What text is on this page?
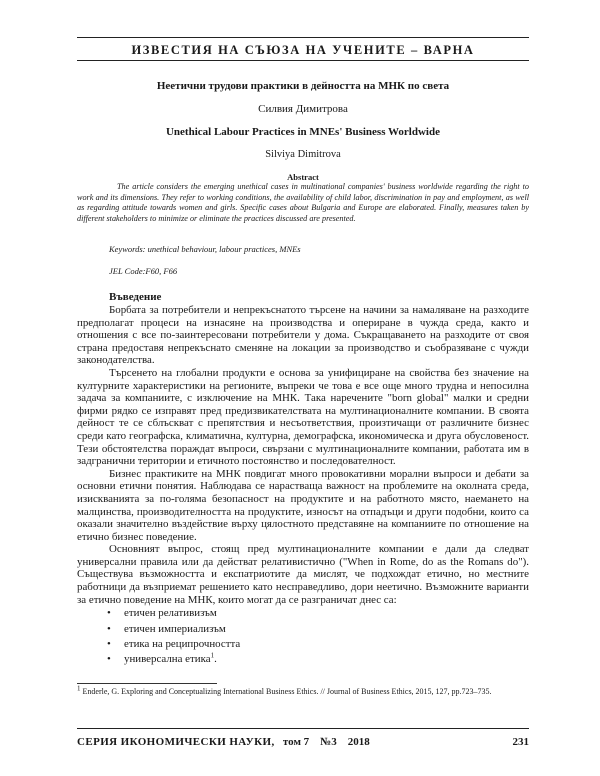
ИЗВЕСТИЯ НА СЪЮЗА НА УЧЕНИТЕ – ВАРНА
Неетични трудови практики в дейността на МНК по света
Силвия Димитрова
Unethical Labour Practices in MNEs' Business Worldwide
Silviya Dimitrova
Abstract

The article considers the emerging unethical cases in multinational companies' business worldwide regarding the right to work and its dimensions. They refer to working conditions, the availability of child labor, discrimination in pay and employment, as well as regarding attitude towards women and girls. Specific cases about Bulgaria and Europe are elaborated. Finally, measures taken by different stakeholders to minimize or eliminate the practices discussed are presented.

Keywords: unethical behaviour, labour practices, MNEs
JEL Code:F60, F66
Въведение

Борбата за потребители и непрекъснатото търсене на начини за намаляване на разходите предполагат процеси на изнасяне на производства и опериране в чужда среда, както и отношения с все по-заинтересовани потребители у дома. Съкращаването на разходите от своя страна предоставя непрекъснато сменяне на локации за производство и съобразяване с чужди законодателства.

Търсенето на глобални продукти е основа за унифициране на свойства без значение на културните характеристики на регионите, въпреки че това е все още много трудна и непосилна задача за компаниите, с изключение на МНК. Така наречените "born global" малки и средни фирми рядко се изправят пред предизвикателствата на мултинационалните компании. В своята дейност те се сблъскват с препятствия и несъответствия, произтичащи от различните бизнес среди като географска, климатична, културна, демографска, икономическа и друга обусловеност. Тези обстоятелства пораждат въпроси, свързани с мултинационалните компании, работата им в задгранични територии и етичното постоянство и последователност.

Бизнес практиките на МНК повдигат много провокативни морални въпроси и дебати за основни етични понятия. Наблюдава се нарастваща важност на проблемите на околната среда, изискванията за по-голяма безопасност на продуктите и на работното място, наемането на малцинства, производителността на продуктите, износът на отпадъци и други подобни, които са оказали значително въздействие върху цялостното представяне на компаниите по отношение на етично бизнес поведение.

Основният въпрос, стоящ пред мултинационалните компании е дали да следват универсални правила или да действат релативистично ("When in Rome, do as the Romans do"). Съществува възможността и експатриотите да мислят, че подхождат етично, но местните работници да възприемат решението като несправедливо, дори неетично. Възможните варианти за етично поведение на МНК, които могат да се разграничат днес са:

• етичен релативизъм
• етичен империализъм
• етика на реципрочността
• универсална етика$^1$.
$^1$ Enderle, G. Exploring and Conceptualizing International Business Ethics. // Journal of Business Ethics, 2015, 127, pp.723–735.
СЕРИЯ ИКОНОМИЧЕСКИ НАУКИ, том 7 №3 2018	231
